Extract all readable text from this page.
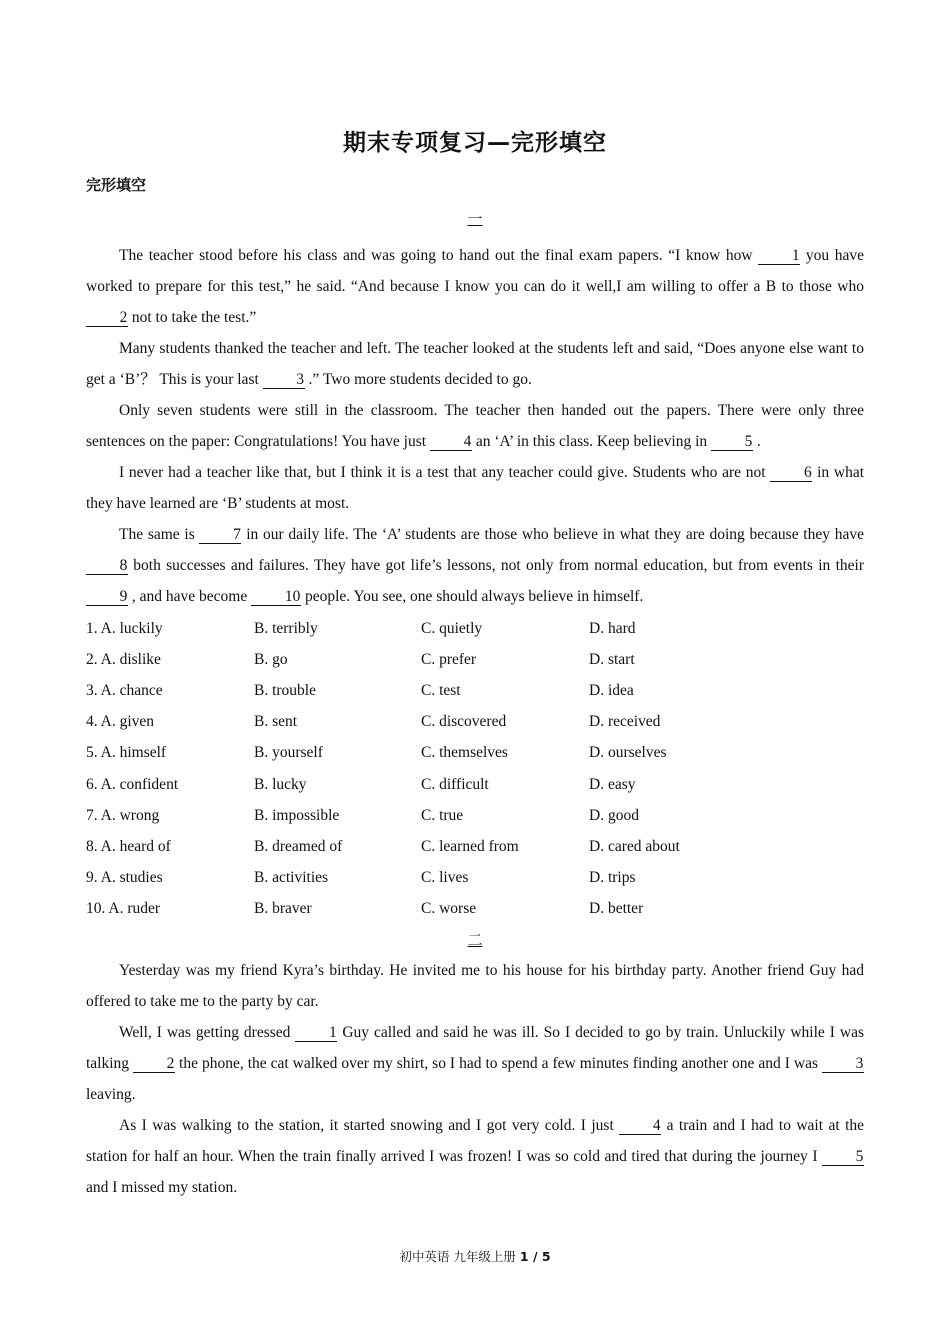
期末专项复习—完形填空
完形填空
一

The teacher stood before his class and was going to hand out the final exam papers. “I know how 1 you have worked to prepare for this test,” he said. “And because I know you can do it well,I am willing to offer a B to those who 2 not to take the test.”

Many students thanked the teacher and left. The teacher looked at the students left and said, “Does anyone else want to get a ‘B’？ This is your last 3 .” Two more students decided to go.

Only seven students were still in the classroom. The teacher then handed out the papers. There were only three sentences on the paper: Congratulations! You have just 4 an ‘A’ in this class. Keep believing in 5 .

I never had a teacher like that, but I think it is a test that any teacher could give. Students who are not 6 in what they have learned are ‘B’ students at most.

The same is 7 in our daily life. The ‘A’ students are those who believe in what they are doing because they have 8 both successes and failures. They have got life’s lessons, not only from normal education, but from events in their 9 , and have become 10 people. You see, one should always believe in himself.

1. A. luckily	B. terribly	C. quietly	D. hard
2. A. dislike	B. go	C. prefer	D. start
3. A. chance	B. trouble	C. test	D. idea
4. A. given	B. sent	C. discovered	D. received
5. A. himself	B. yourself	C. themselves	D. ourselves
6. A. confident	B. lucky	C. difficult	D. easy
7. A. wrong	B. impossible	C. true	D. good
8. A. heard of	B. dreamed of	C. learned from	D. cared about
9. A. studies	B. activities	C. lives	D. trips
10. A. ruder	B. braver	C. worse	D. better
二

Yesterday was my friend Kyra’s birthday. He invited me to his house for his birthday party. Another friend Guy had offered to take me to the party by car.

Well, I was getting dressed 1 Guy called and said he was ill. So I decided to go by train. Unluckily while I was talking 2 the phone, the cat walked over my shirt, so I had to spend a few minutes finding another one and I was 3 leaving.

As I was walking to the station, it started snowing and I got very cold. I just 4 a train and I had to wait at the station for half an hour. When the train finally arrived I was frozen! I was so cold and tired that during the journey I 5 and I missed my station.

初中英语 九年级上册 1 / 5
